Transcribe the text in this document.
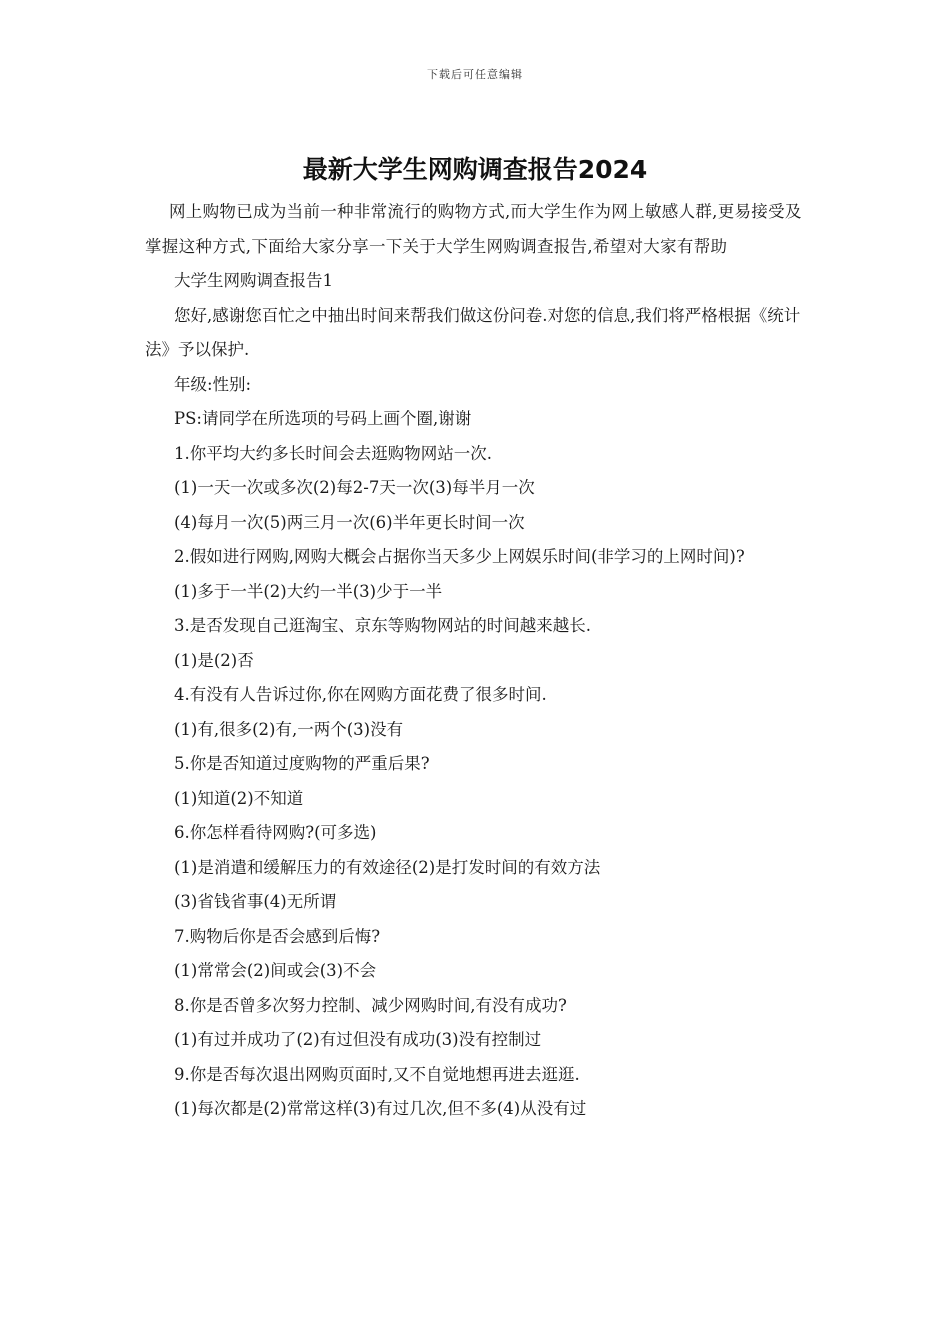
下载后可任意编辑
最新大学生网购调查报告2024

网上购物已成为当前一种非常流行的购物方式,而大学生作为网上敏感人群,更易接受及掌握这种方式,下面给大家分享一下关于大学生网购调查报告,希望对大家有帮助

大学生网购调查报告1

您好,感谢您百忙之中抽出时间来帮我们做这份问卷.对您的信息,我们将严格根据《统计法》予以保护.

年级:性别:

PS:请同学在所选项的号码上画个圈,谢谢

1.你平均大约多长时间会去逛购物网站一次.

(1)一天一次或多次(2)每2-7天一次(3)每半月一次

(4)每月一次(5)两三月一次(6)半年更长时间一次

2.假如进行网购,网购大概会占据你当天多少上网娱乐时间(非学习的上网时间)?

(1)多于一半(2)大约一半(3)少于一半

3.是否发现自己逛淘宝、京东等购物网站的时间越来越长.

(1)是(2)否

4.有没有人告诉过你,你在网购方面花费了很多时间.

(1)有,很多(2)有,一两个(3)没有

5.你是否知道过度购物的严重后果?

(1)知道(2)不知道

6.你怎样看待网购?(可多选)

(1)是消遣和缓解压力的有效途径(2)是打发时间的有效方法

(3)省钱省事(4)无所谓

7.购物后你是否会感到后悔?

(1)常常会(2)间或会(3)不会

8.你是否曾多次努力控制、减少网购时间,有没有成功?

(1)有过并成功了(2)有过但没有成功(3)没有控制过

9.你是否每次退出网购页面时,又不自觉地想再进去逛逛.

(1)每次都是(2)常常这样(3)有过几次,但不多(4)从没有过
